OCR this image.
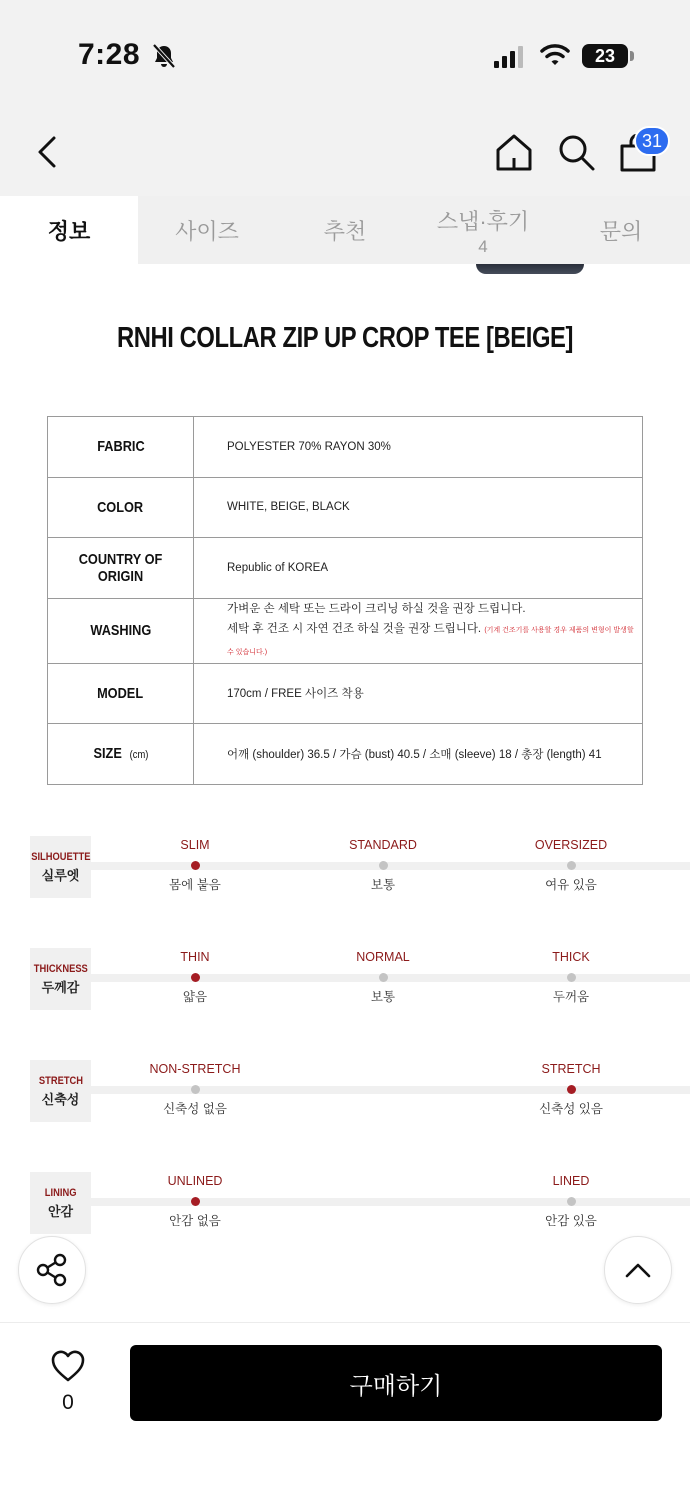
7:28	23
31
정보	사이즈	추천	스냅·후기
4
문의
RNHI COLLAR ZIP UP CROP TEE [BEIGE]
FABRIC	POLYESTER 70% RAYON 30%
COLOR	WHITE, BEIGE, BLACK
COUNTRY OF ORIGIN	Republic of KOREA
WASHING	가벼운 손 세탁 또는 드라이 크리닝 하실 것을 권장 드립니다.
세탁 후 건조 시 자연 건조 하실 것을 권장 드립니다. (기계 건조기를 사용할 경우 제품의 변형이 발생할 수 있습니다.)

MODEL	170cm / FREE 사이즈 착용
SIZE (cm)	어깨 (shoulder) 36.5 / 가슴 (bust) 40.5 / 소매 (sleeve) 18 / 총장 (length) 41
SILHOUETTE
실루엣
SLIM
몸에 붙음
STANDARD
보통
OVERSIZED
여유 있음
THICKNESS
두께감
THIN
얇음
NORMAL
보통
THICK
두꺼움
STRETCH
신축성
NON-STRETCH
신축성 없음
STRETCH
신축성 있음
LINING
안감
UNLINED
안감 없음
LINED
안감 있음
0
구매하기
